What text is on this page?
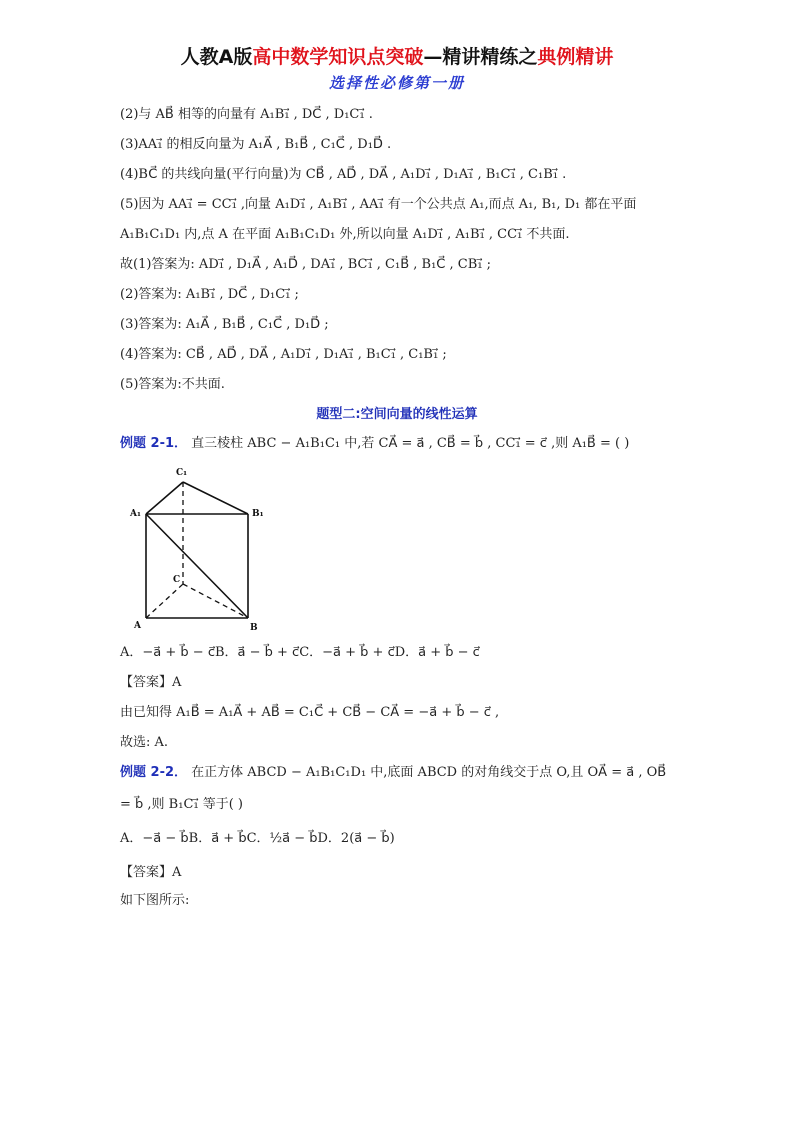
人教A版高中数学知识点突破—精讲精练之典例精讲
选择性必修第一册
(2)与 AB⃗ 相等的向量有 A₁B₁⃗ , DC⃗ , D₁C₁⃗ .
(3)AA₁⃗ 的相反向量为 A₁A⃗ , B₁B⃗ , C₁C⃗ , D₁D⃗ .
(4)BC⃗ 的共线向量(平行向量)为 CB⃗ , AD⃗ , DA⃗ , A₁D₁⃗ , D₁A₁⃗ , B₁C₁⃗ , C₁B₁⃗ .
(5)因为 AA₁⃗ = CC₁⃗ ,向量 A₁D₁⃗ , A₁B₁⃗ , AA₁⃗ 有一个公共点 A₁,而点 A₁, B₁, D₁ 都在平面
A₁B₁C₁D₁ 内,点 A 在平面 A₁B₁C₁D₁ 外,所以向量 A₁D₁⃗ , A₁B₁⃗ , CC₁⃗ 不共面.
故(1)答案为: AD₁⃗ , D₁A⃗ , A₁D⃗ , DA₁⃗ , BC₁⃗ , C₁B⃗ , B₁C⃗ , CB₁⃗ ;
(2)答案为: A₁B₁⃗ , DC⃗ , D₁C₁⃗ ;
(3)答案为: A₁A⃗ , B₁B⃗ , C₁C⃗ , D₁D⃗ ;
(4)答案为: CB⃗ , AD⃗ , DA⃗ , A₁D₁⃗ , D₁A₁⃗ , B₁C₁⃗ , C₁B₁⃗ ;
(5)答案为:不共面.
题型二:空间向量的线性运算
例题 2-1． 直三棱柱 ABC − A₁B₁C₁ 中,若 CA⃗ = a⃗ , CB⃗ = b⃗ , CC₁⃗ = c⃗ ,则 A₁B⃗ = ( )
C₁
A₁	B₁
C
A	B
A．−a⃗ + b⃗ − c⃗B．a⃗ − b⃗ + c⃗C．−a⃗ + b⃗ + c⃗D．a⃗ + b⃗ − c⃗
【答案】A
由已知得 A₁B⃗ = A₁A⃗ + AB⃗ = C₁C⃗ + CB⃗ − CA⃗ = −a⃗ + b⃗ − c⃗ ,
故选: A.
例题 2-2． 在正方体 ABCD − A₁B₁C₁D₁ 中,底面 ABCD 的对角线交于点 O,且 OA⃗ = a⃗ , OB⃗
= b⃗ ,则 B₁C₁⃗ 等于( )
A．−a⃗ − b⃗B．a⃗ + b⃗C．½a⃗ − b⃗D．2(a⃗ − b⃗)
【答案】A
如下图所示:
